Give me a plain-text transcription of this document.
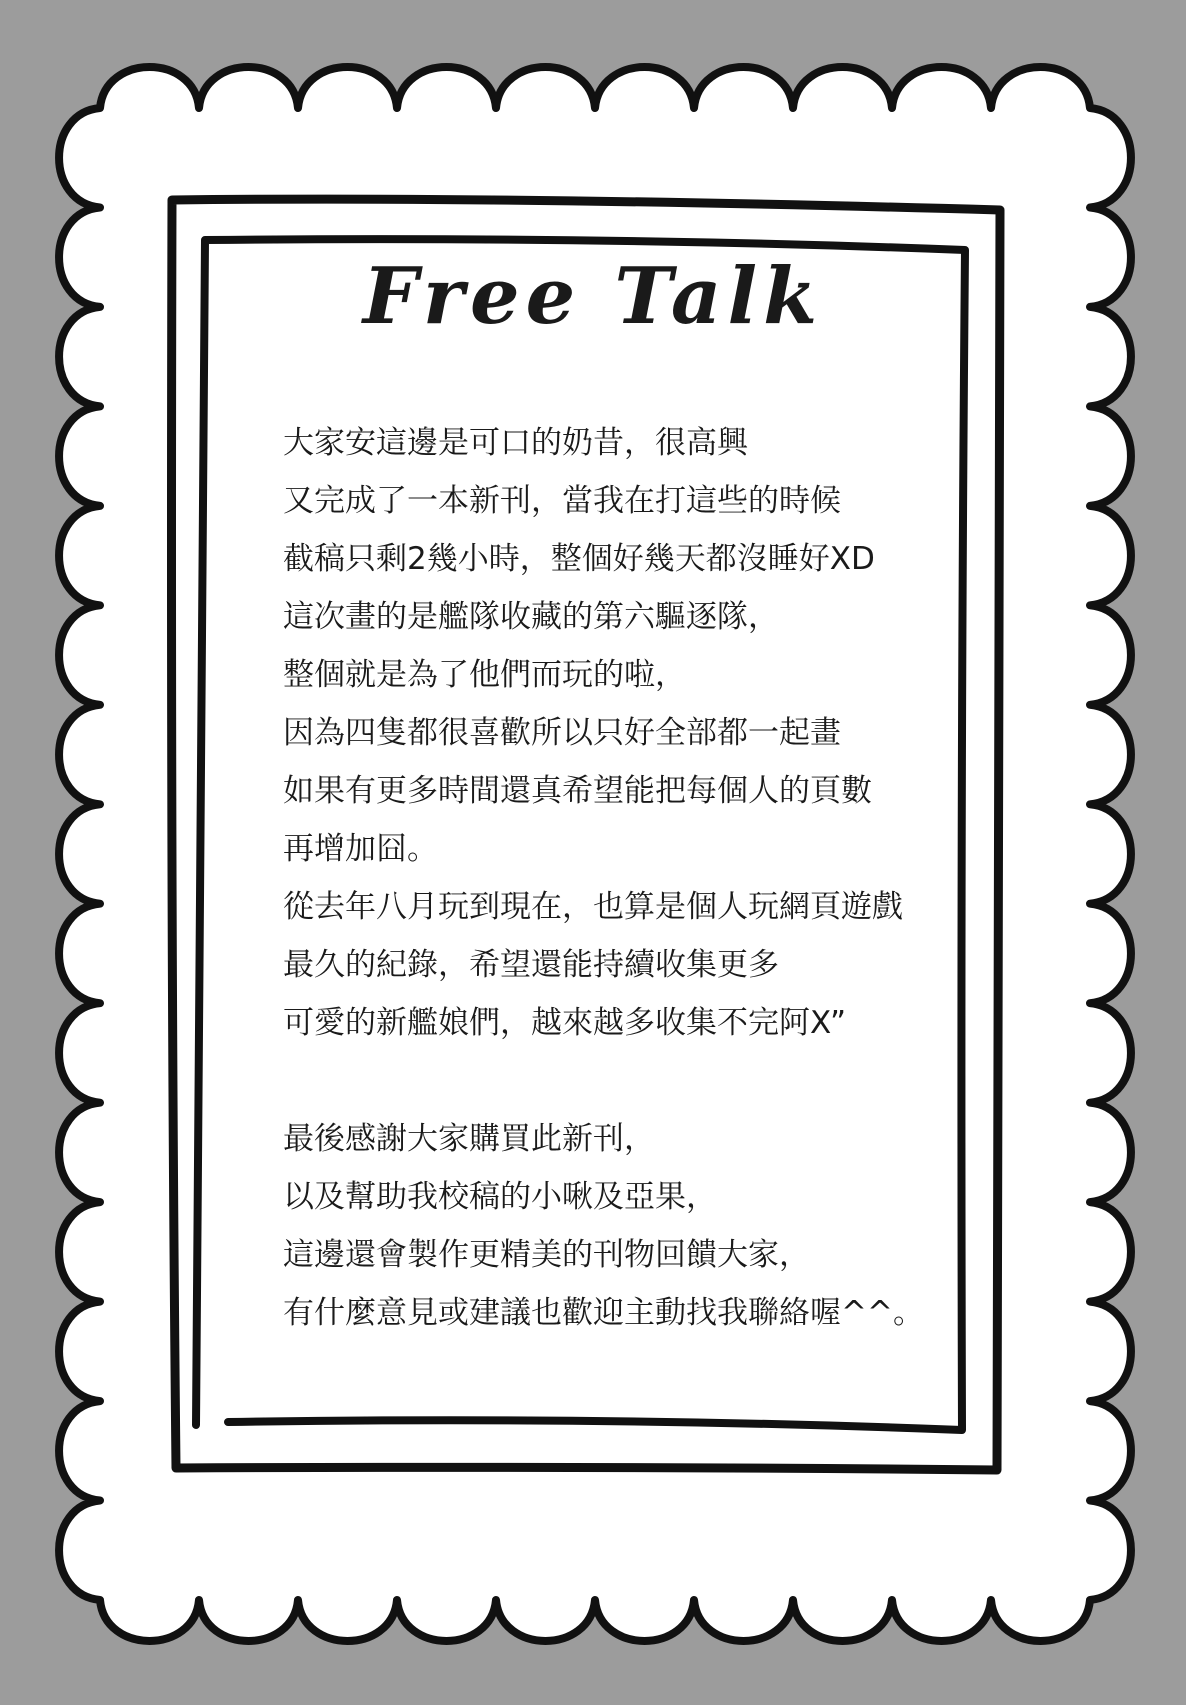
Free Talk
大家安這邊是可口的奶昔，很高興
又完成了一本新刊，當我在打這些的時候
截稿只剩2幾小時，整個好幾天都沒睡好XD
這次畫的是艦隊收藏的第六驅逐隊，
整個就是為了他們而玩的啦，
因為四隻都很喜歡所以只好全部都一起畫
如果有更多時間還真希望能把每個人的頁數
再增加囧。
從去年八月玩到現在，也算是個人玩網頁遊戲
最久的紀錄，希望還能持續收集更多
可愛的新艦娘們，越來越多收集不完阿X”
最後感謝大家購買此新刊，
以及幫助我校稿的小啾及亞果，
這邊還會製作更精美的刊物回饋大家，
有什麼意見或建議也歡迎主動找我聯絡喔^^。
